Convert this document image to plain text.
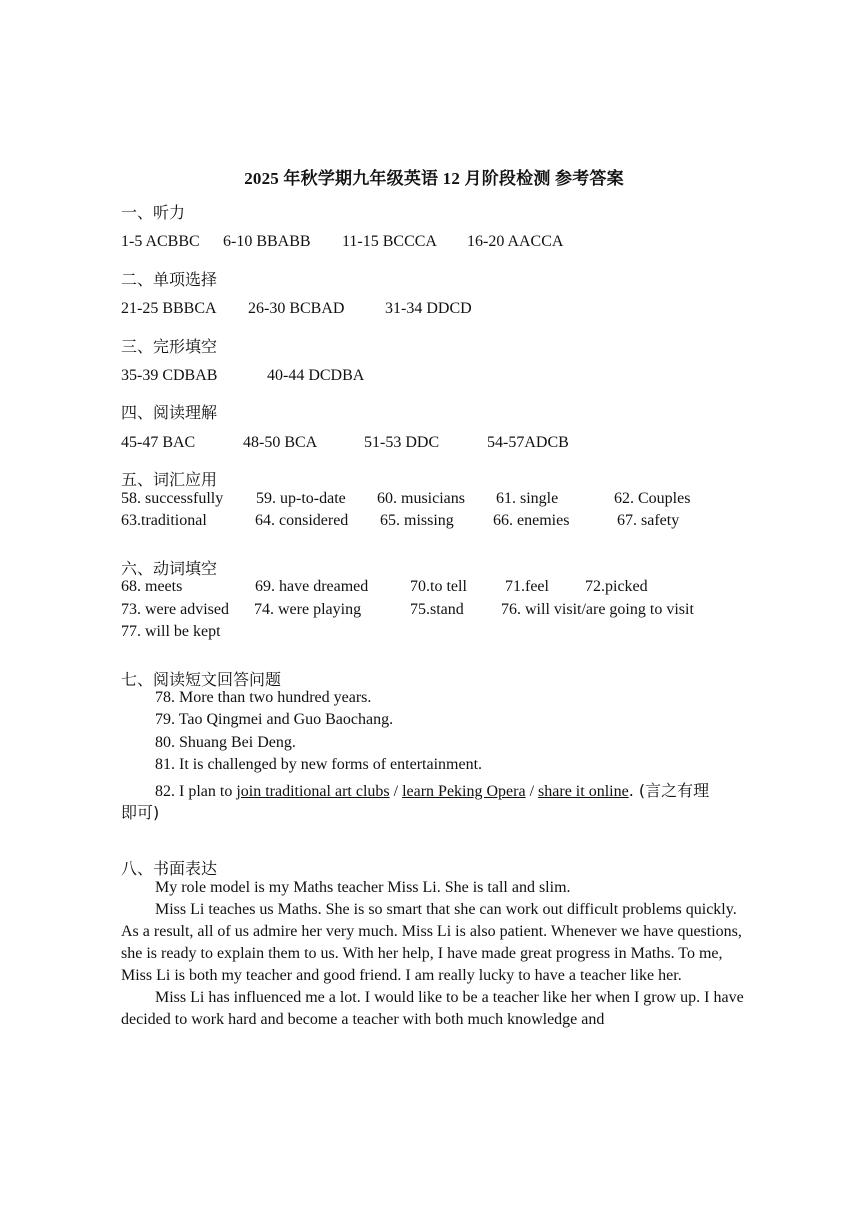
2025 年秋学期九年级英语 12 月阶段检测 参考答案
一、听力
1-5 ACBBC 6-10 BBABB 11-15 BCCCA 16-20 AACCA
二、单项选择
21-25 BBBCA 26-30 BCBAD	31-34 DDCD
三、完形填空
35-39 CDBAB	40-44 DCDBA
四、阅读理解
45-47 BAC	48-50 BCA	51-53 DDC	54-57ADCB
五、词汇应用
58. successfully 59. up-to-date 60. musicians 61. single	62. Couples
63.traditional	64. considered 65. missing 66. enemies	67. safety
六、动词填空
68. meets	69. have dreamed	70.to tell 71.feel 72.picked
73. were advised 74. were playing	75.stand 76. will visit/are going to visit
77. will be kept
七、阅读短文回答问题
78. More than two hundred years.
79. Tao Qingmei and Guo Baochang.
80. Shuang Bei Deng.
81. It is challenged by new forms of entertainment.
82. I plan to join traditional art clubs / learn Peking Opera / share it online. (言之有理
即可)
八、书面表达

My role model is my Maths teacher Miss Li. She is tall and slim.

Miss Li teaches us Maths. She is so smart that she can work out difficult problems quickly. As a result, all of us admire her very much. Miss Li is also patient. Whenever we have questions, she is ready to explain them to us. With her help, I have made great progress in Maths. To me, Miss Li is both my teacher and good friend. I am really lucky to have a teacher like her.

Miss Li has influenced me a lot. I would like to be a teacher like her when I grow up. I have decided to work hard and become a teacher with both much knowledge and
